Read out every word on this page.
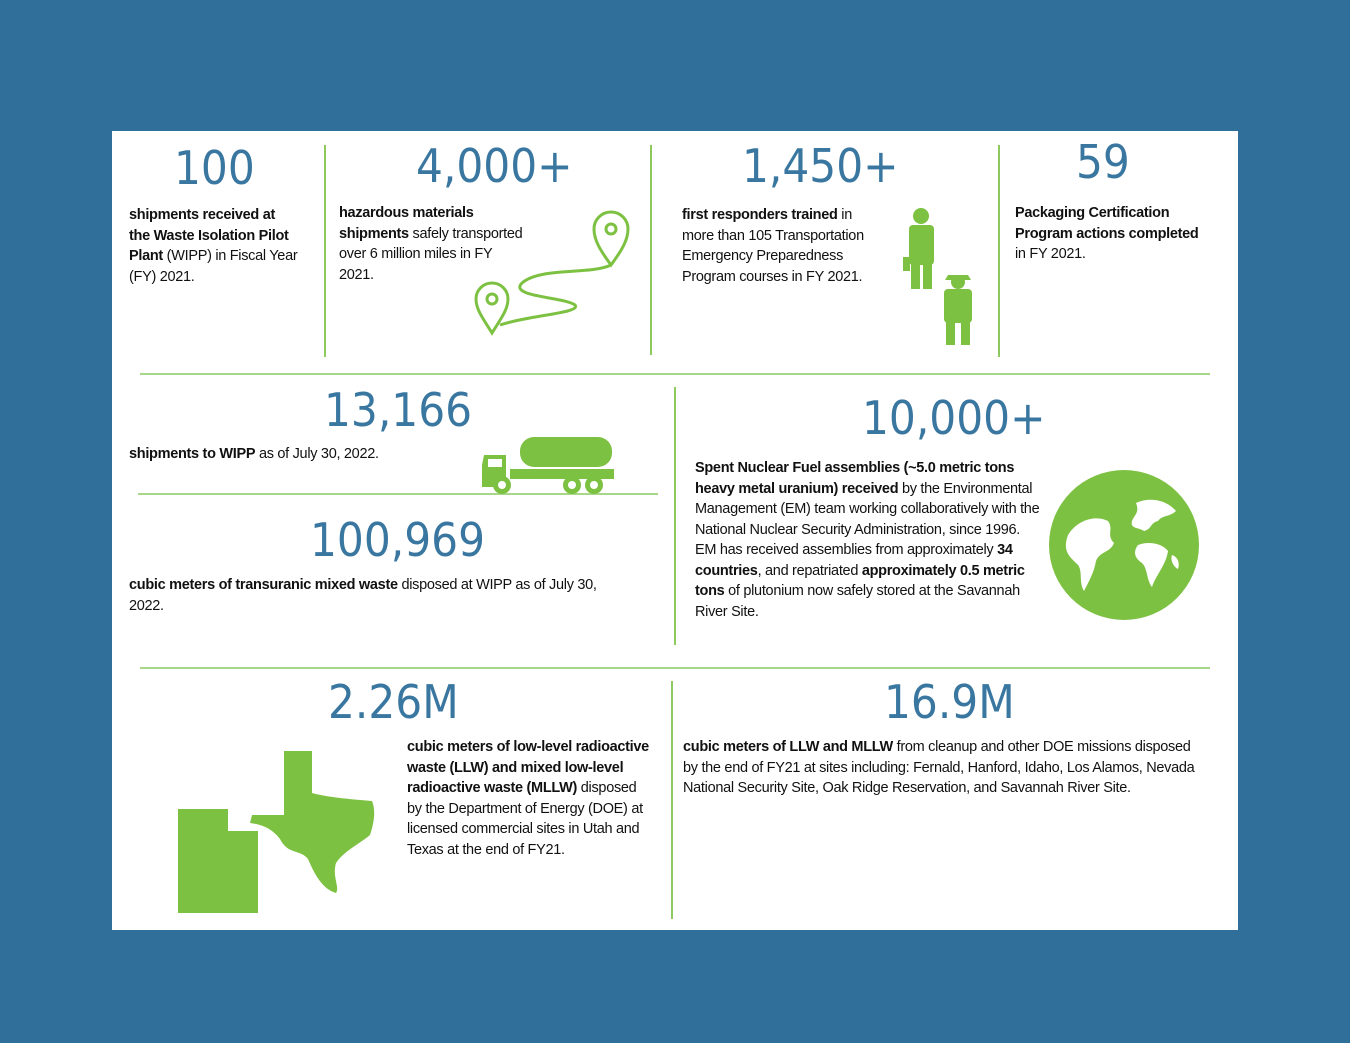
100
shipments received at the Waste Isolation Pilot Plant (WIPP) in Fiscal Year (FY) 2021.
4,000+
hazardous materials shipments safely transported over 6 million miles in FY 2021.
1,450+
first responders trained in more than 105 Transportation Emergency Preparedness Program courses in FY 2021.
59
Packaging Certification Program actions completed in FY 2021.
13,166
shipments to WIPP as of July 30, 2022.
100,969
cubic meters of transuranic mixed waste disposed at WIPP as of July 30, 2022.
10,000+
Spent Nuclear Fuel assemblies (~5.0 metric tons heavy metal uranium) received by the Environmental Management (EM) team working collaboratively with the National Nuclear Security Administration, since 1996. EM has received assemblies from approximately 34 countries, and repatriated approximately 0.5 metric tons of plutonium now safely stored at the Savannah River Site.
2.26M
cubic meters of low-level radioactive waste (LLW) and mixed low-level radioactive waste (MLLW) disposed by the Department of Energy (DOE) at licensed commercial sites in Utah and Texas at the end of FY21.
16.9M
cubic meters of LLW and MLLW from cleanup and other DOE missions disposed by the end of FY21 at sites including: Fernald, Hanford, Idaho, Los Alamos, Nevada National Security Site, Oak Ridge Reservation, and Savannah River Site.
